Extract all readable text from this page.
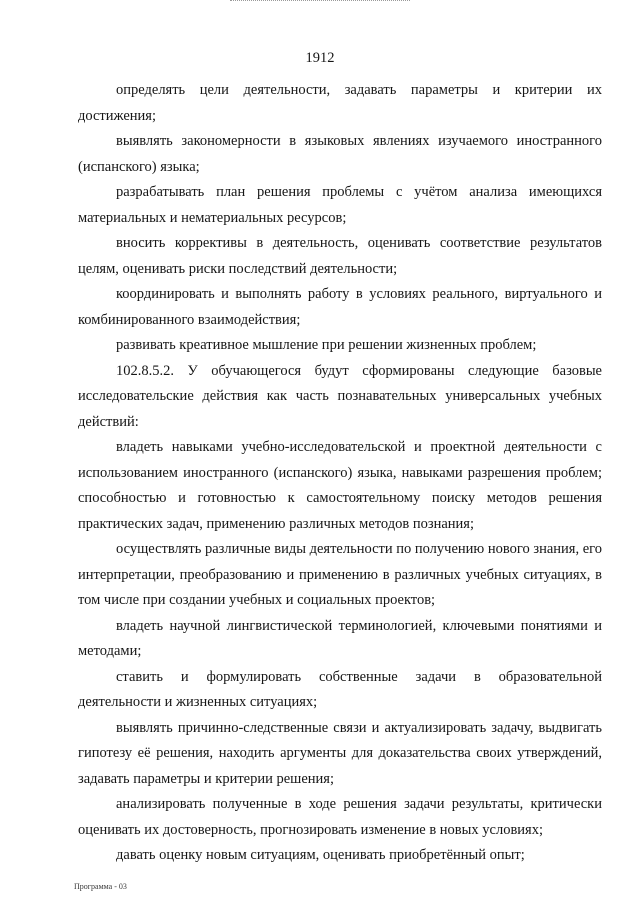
1912

определять цели деятельности, задавать параметры и критерии их достижения;

выявлять закономерности в языковых явлениях изучаемого иностранного (испанского) языка;

разрабатывать план решения проблемы с учётом анализа имеющихся материальных и нематериальных ресурсов;

вносить коррективы в деятельность, оценивать соответствие результатов целям, оценивать риски последствий деятельности;

координировать и выполнять работу в условиях реального, виртуального и комбинированного взаимодействия;

развивать креативное мышление при решении жизненных проблем;

102.8.5.2. У обучающегося будут сформированы следующие базовые исследовательские действия как часть познавательных универсальных учебных действий:

владеть навыками учебно-исследовательской и проектной деятельности с использованием иностранного (испанского) языка, навыками разрешения проблем; способностью и готовностью к самостоятельному поиску методов решения практических задач, применению различных методов познания;

осуществлять различные виды деятельности по получению нового знания, его интерпретации, преобразованию и применению в различных учебных ситуациях, в том числе при создании учебных и социальных проектов;

владеть научной лингвистической терминологией, ключевыми понятиями и методами;

ставить и формулировать собственные задачи в образовательной деятельности и жизненных ситуациях;

выявлять причинно-следственные связи и актуализировать задачу, выдвигать гипотезу её решения, находить аргументы для доказательства своих утверждений, задавать параметры и критерии решения;

анализировать полученные в ходе решения задачи результаты, критически оценивать их достоверность, прогнозировать изменение в новых условиях;

давать оценку новым ситуациям, оценивать приобретённый опыт;

Программа - 03
